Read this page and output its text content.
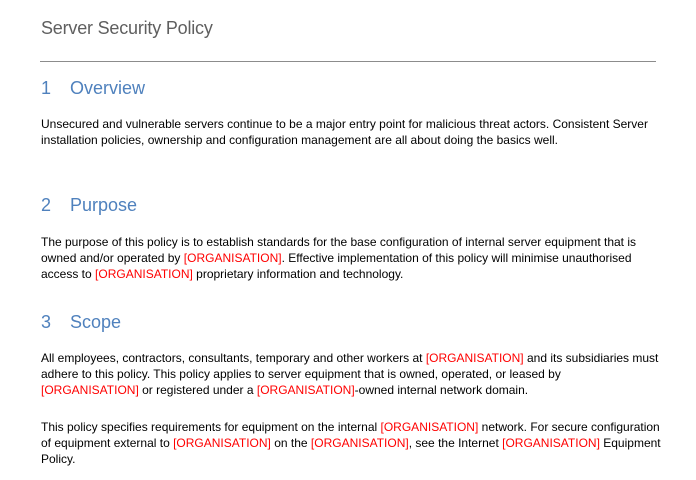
Server Security Policy
1 Overview

Unsecured and vulnerable servers continue to be a major entry point for malicious threat actors. Consistent Server installation policies, ownership and configuration management are all about doing the basics well.

2 Purpose

The purpose of this policy is to establish standards for the base configuration of internal server equipment that is owned and/or operated by [ORGANISATION]. Effective implementation of this policy will minimise unauthorised access to [ORGANISATION] proprietary information and technology.

3 Scope

All employees, contractors, consultants, temporary and other workers at [ORGANISATION] and its subsidiaries must adhere to this policy. This policy applies to server equipment that is owned, operated, or leased by [ORGANISATION] or registered under a [ORGANISATION]-owned internal network domain.

This policy specifies requirements for equipment on the internal [ORGANISATION] network. For secure configuration of equipment external to [ORGANISATION] on the [ORGANISATION], see the Internet [ORGANISATION] Equipment Policy.
